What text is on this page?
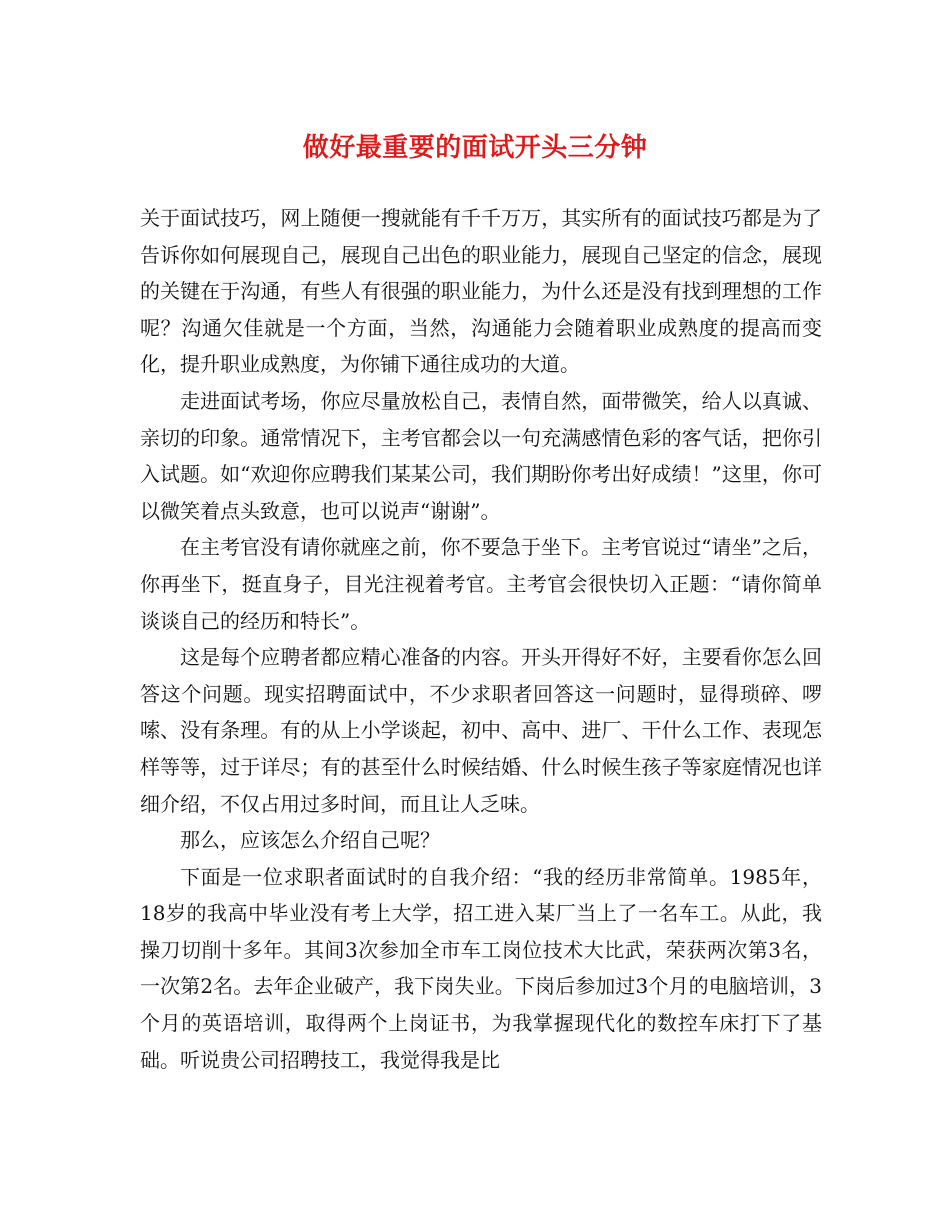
做好最重要的面试开头三分钟

关于面试技巧，网上随便一搜就能有千千万万，其实所有的面试技巧都是为了告诉你如何展现自己，展现自己出色的职业能力，展现自己坚定的信念，展现的关键在于沟通，有些人有很强的职业能力，为什么还是没有找到理想的工作呢？沟通欠佳就是一个方面，当然，沟通能力会随着职业成熟度的提高而变化，提升职业成熟度，为你铺下通往成功的大道。

走进面试考场，你应尽量放松自己，表情自然，面带微笑，给人以真诚、亲切的印象。通常情况下，主考官都会以一句充满感情色彩的客气话，把你引入试题。如“欢迎你应聘我们某某公司，我们期盼你考出好成绩！”这里，你可以微笑着点头致意，也可以说声“谢谢”。

在主考官没有请你就座之前，你不要急于坐下。主考官说过“请坐”之后，你再坐下，挺直身子，目光注视着考官。主考官会很快切入正题：“请你简单谈谈自己的经历和特长”。

这是每个应聘者都应精心准备的内容。开头开得好不好，主要看你怎么回答这个问题。现实招聘面试中，不少求职者回答这一问题时，显得琐碎、啰嗦、没有条理。有的从上小学谈起，初中、高中、进厂、干什么工作、表现怎样等等，过于详尽；有的甚至什么时候结婚、什么时候生孩子等家庭情况也详细介绍，不仅占用过多时间，而且让人乏味。

那么，应该怎么介绍自己呢？

下面是一位求职者面试时的自我介绍：“我的经历非常简单。1985年，18岁的我高中毕业没有考上大学，招工进入某厂当上了一名车工。从此，我操刀切削十多年。其间3次参加全市车工岗位技术大比武，荣获两次第3名，一次第2名。去年企业破产，我下岗失业。下岗后参加过3个月的电脑培训，3个月的英语培训，取得两个上岗证书，为我掌握现代化的数控车床打下了基础。听说贵公司招聘技工，我觉得我是比
